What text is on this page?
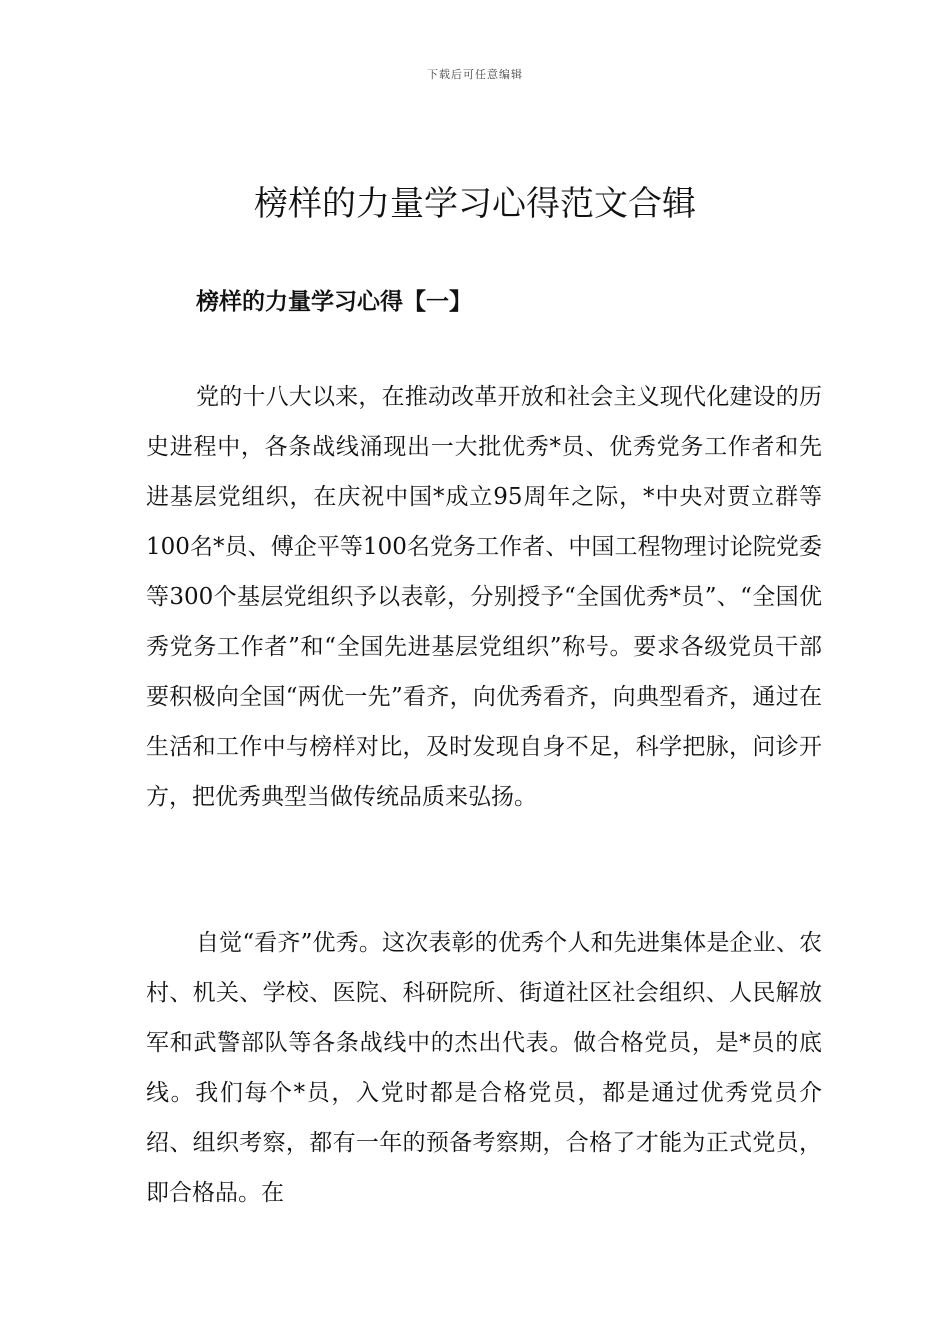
下载后可任意编辑
榜样的力量学习心得范文合辑
榜样的力量学习心得【一】

党的十八大以来，在推动改革开放和社会主义现代化建设的历史进程中，各条战线涌现出一大批优秀*员、优秀党务工作者和先进基层党组织，在庆祝中国*成立95周年之际，*中央对贾立群等100名*员、傅企平等100名党务工作者、中国工程物理讨论院党委等300个基层党组织予以表彰，分别授予“全国优秀*员”、“全国优秀党务工作者”和“全国先进基层党组织”称号。要求各级党员干部要积极向全国“两优一先”看齐，向优秀看齐，向典型看齐，通过在生活和工作中与榜样对比，及时发现自身不足，科学把脉，问诊开方，把优秀典型当做传统品质来弘扬。

自觉“看齐”优秀。这次表彰的优秀个人和先进集体是企业、农村、机关、学校、医院、科研院所、街道社区社会组织、人民解放军和武警部队等各条战线中的杰出代表。做合格党员，是*员的底线。我们每个*员，入党时都是合格党员，都是通过优秀党员介绍、组织考察，都有一年的预备考察期，合格了才能为正式党员，即合格品。在
